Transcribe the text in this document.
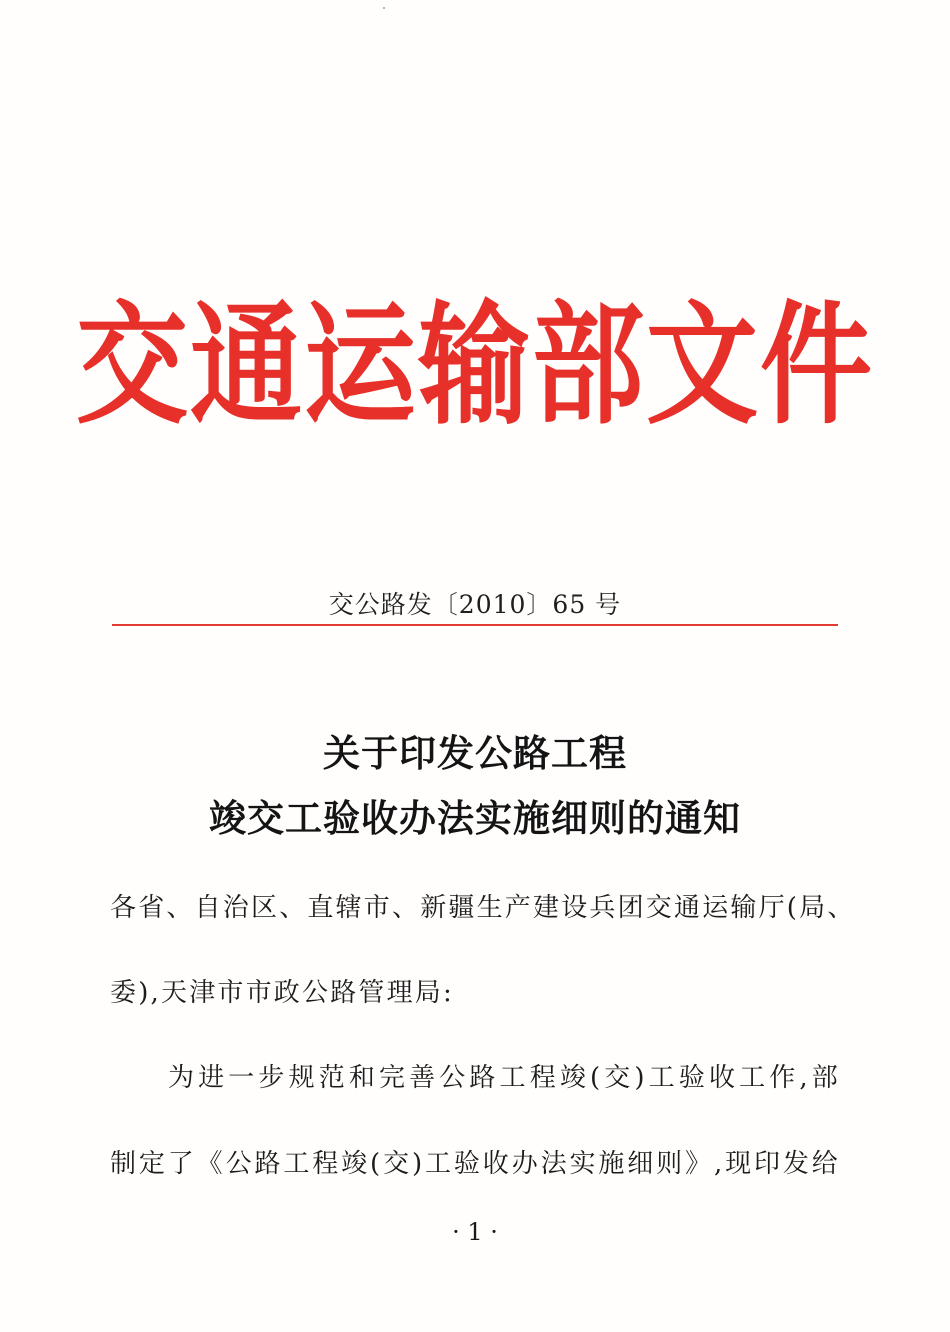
交通运输部文件
交公路发〔2010〕65 号
关于印发公路工程
竣交工验收办法实施细则的通知
各省、自治区、直辖市、新疆生产建设兵团交通运输厅(局、
委),天津市市政公路管理局:
为进一步规范和完善公路工程竣(交)工验收工作,部
制定了《公路工程竣(交)工验收办法实施细则》,现印发给
· 1 ·
